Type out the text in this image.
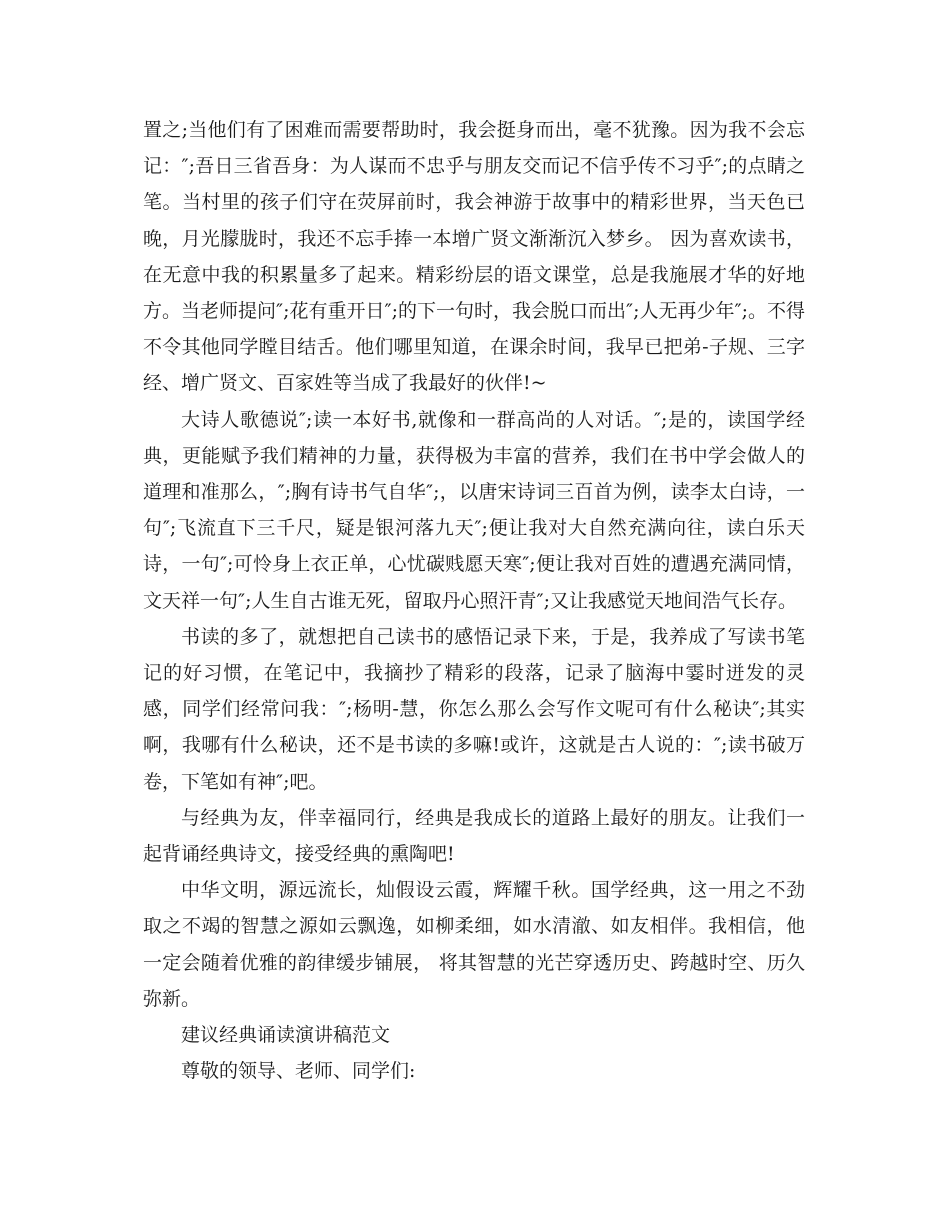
置之;当他们有了困难而需要帮助时，我会挺身而出，毫不犹豫。因为我不会忘记：″;吾日三省吾身：为人谋而不忠乎与朋友交而记不信乎传不习乎″;的点睛之笔。当村里的孩子们守在荧屏前时，我会神游于故事中的精彩世界，当天色已晚，月光朦胧时，我还不忘手捧一本增广贤文渐渐沉入梦乡。 因为喜欢读书，在无意中我的积累量多了起来。精彩纷层的语文课堂，总是我施展才华的好地方。当老师提问″;花有重开日″;的下一句时，我会脱口而出″;人无再少年″;。不得不令其他同学瞠目结舌。他们哪里知道，在课余时间，我早已把弟-子规、三字经、增广贤文、百家姓等当成了我最好的伙伴!~

大诗人歌德说″;读一本好书,就像和一群高尚的人对话。″;是的，读国学经典，更能赋予我们精神的力量，获得极为丰富的营养，我们在书中学会做人的道理和准那么，″;胸有诗书气自华″;，以唐宋诗词三百首为例，读李太白诗，一句″;飞流直下三千尺，疑是银河落九天″;便让我对大自然充满向往，读白乐天诗，一句″;可怜身上衣正单，心忧碳贱愿天寒″;便让我对百姓的遭遇充满同情，文天祥一句″;人生自古谁无死，留取丹心照汗青″;又让我感觉天地间浩气长存。

书读的多了，就想把自己读书的感悟记录下来，于是，我养成了写读书笔记的好习惯，在笔记中，我摘抄了精彩的段落，记录了脑海中霎时迸发的灵感，同学们经常问我：″;杨明-慧，你怎么那么会写作文呢可有什么秘诀″;其实啊，我哪有什么秘诀，还不是书读的多嘛!或许，这就是古人说的：″;读书破万卷，下笔如有神″;吧。

与经典为友，伴幸福同行，经典是我成长的道路上最好的朋友。让我们一起背诵经典诗文，接受经典的熏陶吧!

中华文明，源远流长，灿假设云霞，辉耀千秋。国学经典，这一用之不劲取之不竭的智慧之源如云飘逸，如柳柔细，如水清澈、如友相伴。我相信，他一定会随着优雅的韵律缓步铺展， 将其智慧的光芒穿透历史、跨越时空、历久弥新。

建议经典诵读演讲稿范文

尊敬的领导、老师、同学们:
